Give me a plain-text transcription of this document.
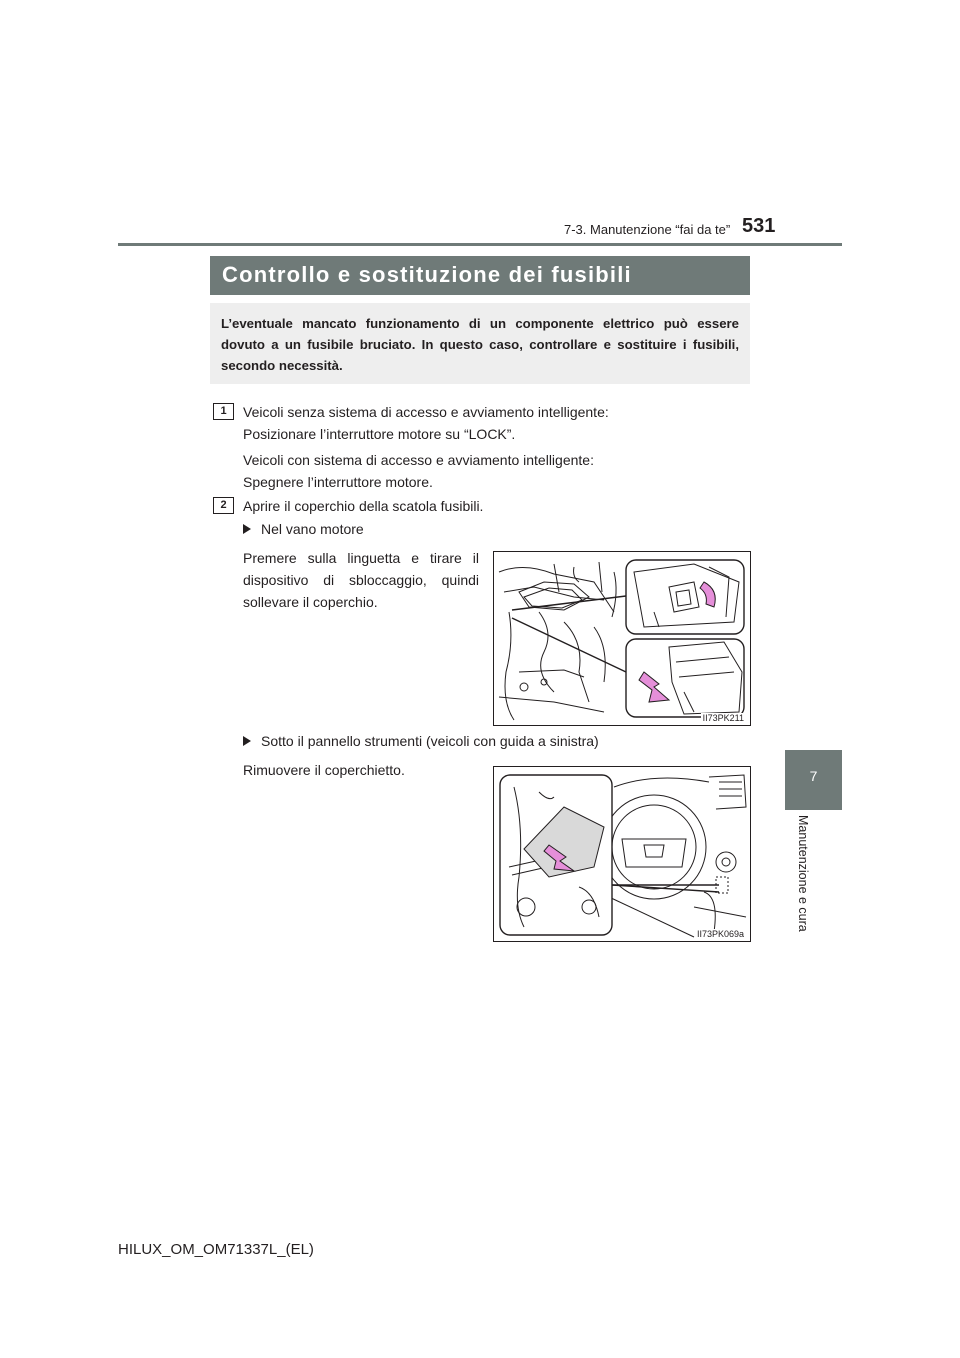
7-3. Manutenzione “fai da te” 531
7
Manutenzione e cura
Controllo e sostituzione dei fusibili

L’eventuale mancato funzionamento di un componente elettrico può essere dovuto a un fusibile bruciato. In questo caso, controllare e sostituire i fusibili, secondo necessità.

1	Veicoli senza sistema di accesso e avviamento intelligente:
Posizionare l’interruttore motore su “LOCK”.

Veicoli con sistema di accesso e avviamento intelligente:
Spegnere l’interruttore motore.

2	Aprire il coperchio della scatola fusibili.

Nel vano motore

Premere sulla linguetta e tirare il dispositivo di sbloccaggio, quindi sollevare il coperchio.

II73PK211
Sotto il pannello strumenti (veicoli con guida a sinistra)

Rimuovere il coperchietto.

II73PK069a
HILUX_OM_OM71337L_(EL)
